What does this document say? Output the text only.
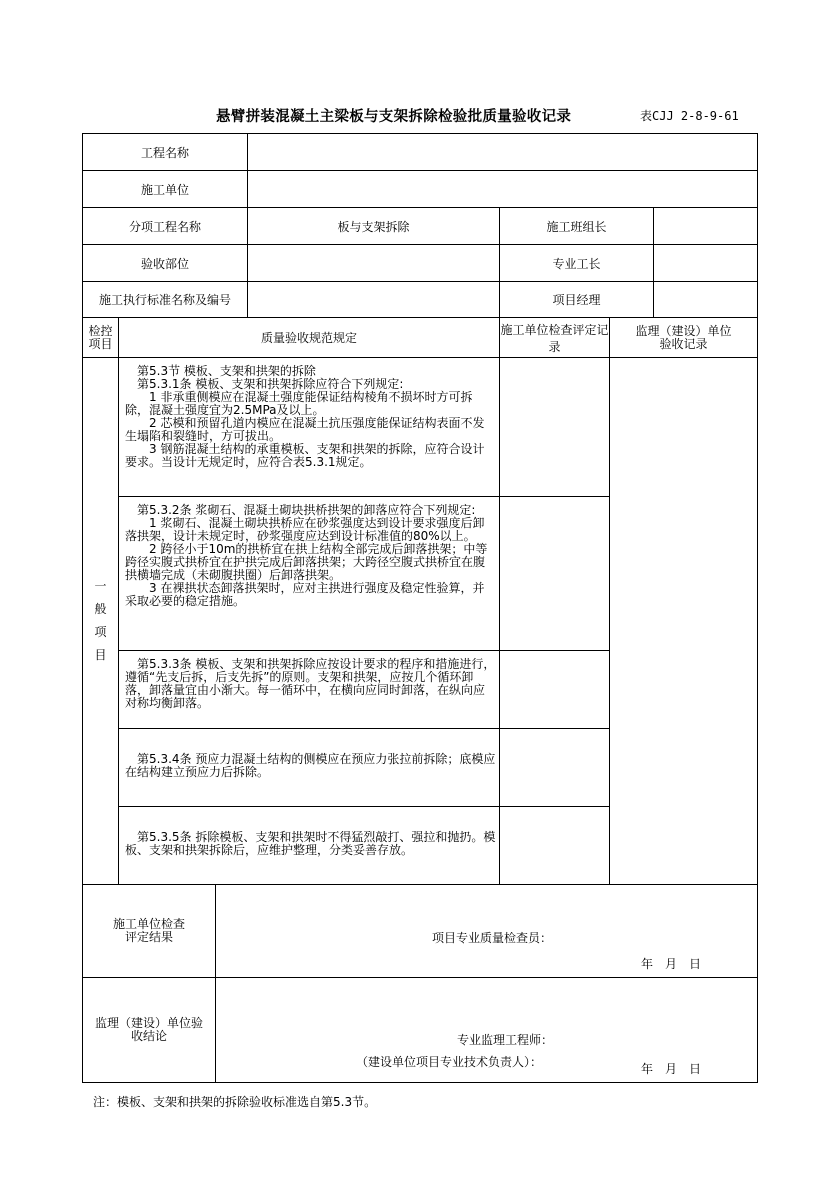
悬臂拼装混凝土主梁板与支架拆除检验批质量验收记录	表CJJ 2-8-9-61
工程名称						
施工单位						
分项工程名称			板与支架拆除	施工班组长		
验收部位				专业工长		
施工执行标准名称及编号				项目经理		

检控项目	质量验收规范规定			施工单位检查评定记录	监理（建设）单位验收记录	

一般项目	　第5.3节 模板、支架和拱架的拆除
　第5.3.1条 模板、支架和拱架拆除应符合下列规定:
　　1 非承重侧模应在混凝土强度能保证结构棱角不损坏时方可拆除，混凝土强度宜为2.5MPa及以上。
　　2 芯模和预留孔道内模应在混凝土抗压强度能保证结构表面不发生塌陷和裂缝时，方可拔出。
　　3 钢筋混凝土结构的承重模板、支架和拱架的拆除，应符合设计要求。当设计无规定时，应符合表5.3.1规定。					

	　第5.3.2条 浆砌石、混凝土砌块拱桥拱架的卸落应符合下列规定:
　　1 浆砌石、混凝土砌块拱桥应在砂浆强度达到设计要求强度后卸落拱架，设计未规定时，砂浆强度应达到设计标准值的80%以上。
　　2 跨径小于10m的拱桥宜在拱上结构全部完成后卸落拱架；中等跨径实腹式拱桥宜在护拱完成后卸落拱架；大跨径空腹式拱桥宜在腹拱横墙完成（未砌腹拱圈）后卸落拱架。
　　3 在裸拱状态卸落拱架时，应对主拱进行强度及稳定性验算，并采取必要的稳定措施。					

	　第5.3.3条 模板、支架和拱架拆除应按设计要求的程序和措施进行，遵循“先支后拆，后支先拆”的原则。支架和拱架，应按几个循环卸落，卸落量宜由小渐大。每一循环中，在横向应同时卸落，在纵向应对称均衡卸落。					

	　第5.3.4条 预应力混凝土结构的侧模应在预应力张拉前拆除；底模应在结构建立预应力后拆除。					

	　第5.3.5条 拆除模板、支架和拱架时不得猛烈敲打、强拉和抛扔。模板、支架和拱架拆除后，应维护整理，分类妥善存放。					

施工单位检查评定结果		项目专业质量检查员：
年　月　日				

监理（建设）单位验收结论		专业监理工程师：
（建设单位项目专业技术负责人）： 年　月　日				
注：模板、支架和拱架的拆除验收标准选自第5.3节。
